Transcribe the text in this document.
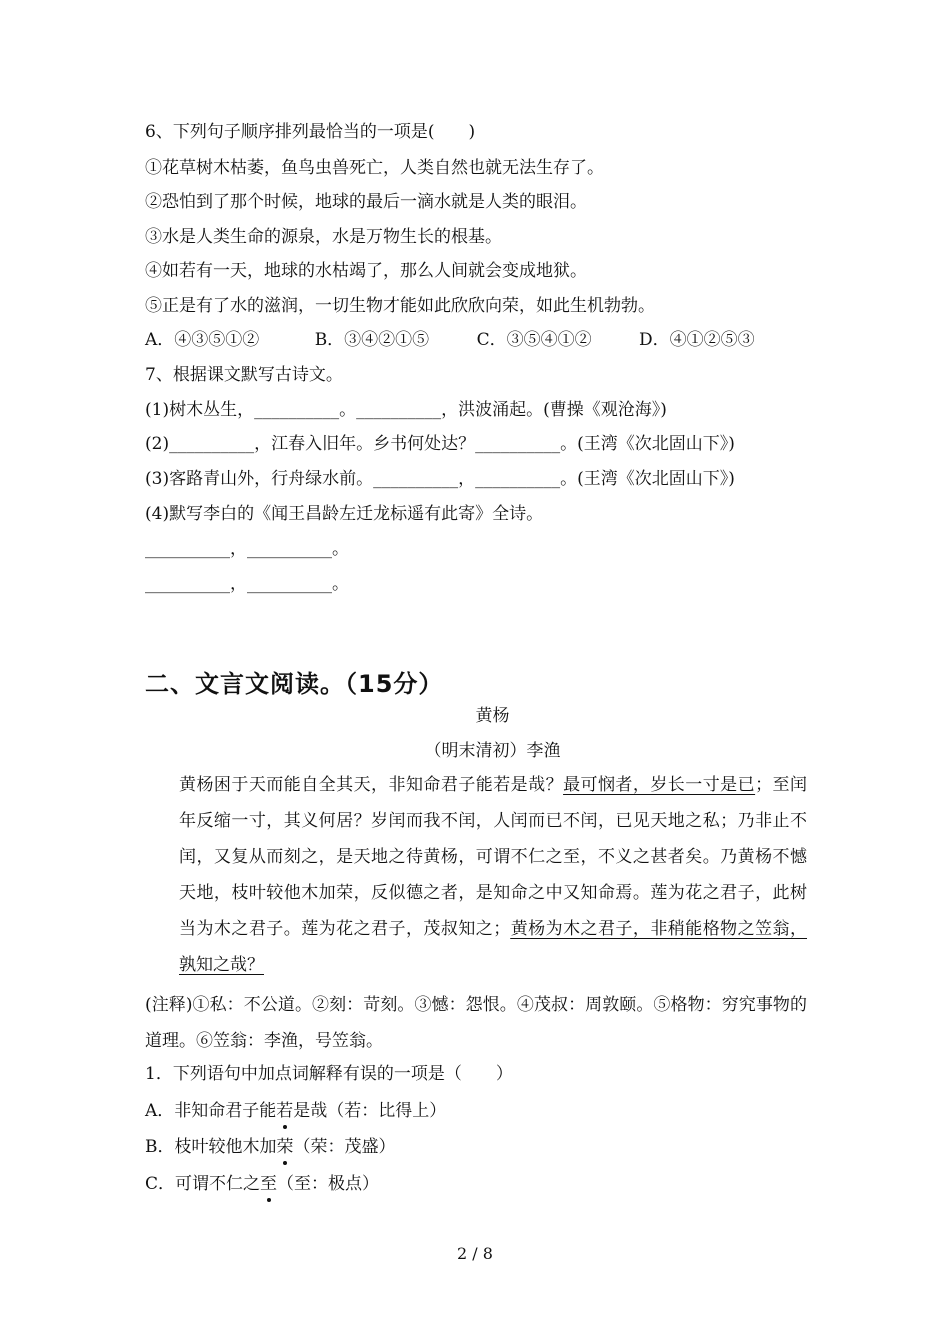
6、下列句子顺序排列最恰当的一项是(　　)
①花草树木枯萎，鱼鸟虫兽死亡，人类自然也就无法生存了。
②恐怕到了那个时候，地球的最后一滴水就是人类的眼泪。
③水是人类生命的源泉，水是万物生长的根基。
④如若有一天，地球的水枯竭了，那么人间就会变成地狱。
⑤正是有了水的滋润，一切生物才能如此欣欣向荣，如此生机勃勃。
A．④③⑤①②	B．③④②①⑤	C．③⑤④①②	D．④①②⑤③
7、根据课文默写古诗文。
(1)树木丛生，__________。__________，洪波涌起。(曹操《观沧海》)
(2)__________，江春入旧年。乡书何处达？__________。(王湾《次北固山下》)
(3)客路青山外，行舟绿水前。__________，__________。(王湾《次北固山下》)
(4)默写李白的《闻王昌龄左迁龙标遥有此寄》全诗。
__________，__________。
__________，__________。
二、文言文阅读。（15分）
黄杨
（明末清初）李渔
黄杨困于天而能自全其天，非知命君子能若是哉？最可悯者，岁长一寸是已；至闰年反缩一寸，其义何居？岁闰而我不闰，人闰而已不闰，已见天地之私；乃非止不闰，又复从而刻之，是天地之待黄杨，可谓不仁之至，不义之甚者矣。乃黄杨不憾天地，枝叶较他木加荣，反似德之者，是知命之中又知命焉。莲为花之君子，此树当为木之君子。莲为花之君子，茂叔知之；黄杨为木之君子，非稍能格物之笠翁，孰知之哉？
(注释)①私：不公道。②刻：苛刻。③憾：怨恨。④茂叔：周敦颐。⑤格物：穷究事物的道理。⑥笠翁：李渔，号笠翁。
1．下列语句中加点词解释有误的一项是（　　）
A．非知命君子能若是哉（若：比得上）
B．枝叶较他木加荣（荣：茂盛）
C．可谓不仁之至（至：极点）
2 / 8
